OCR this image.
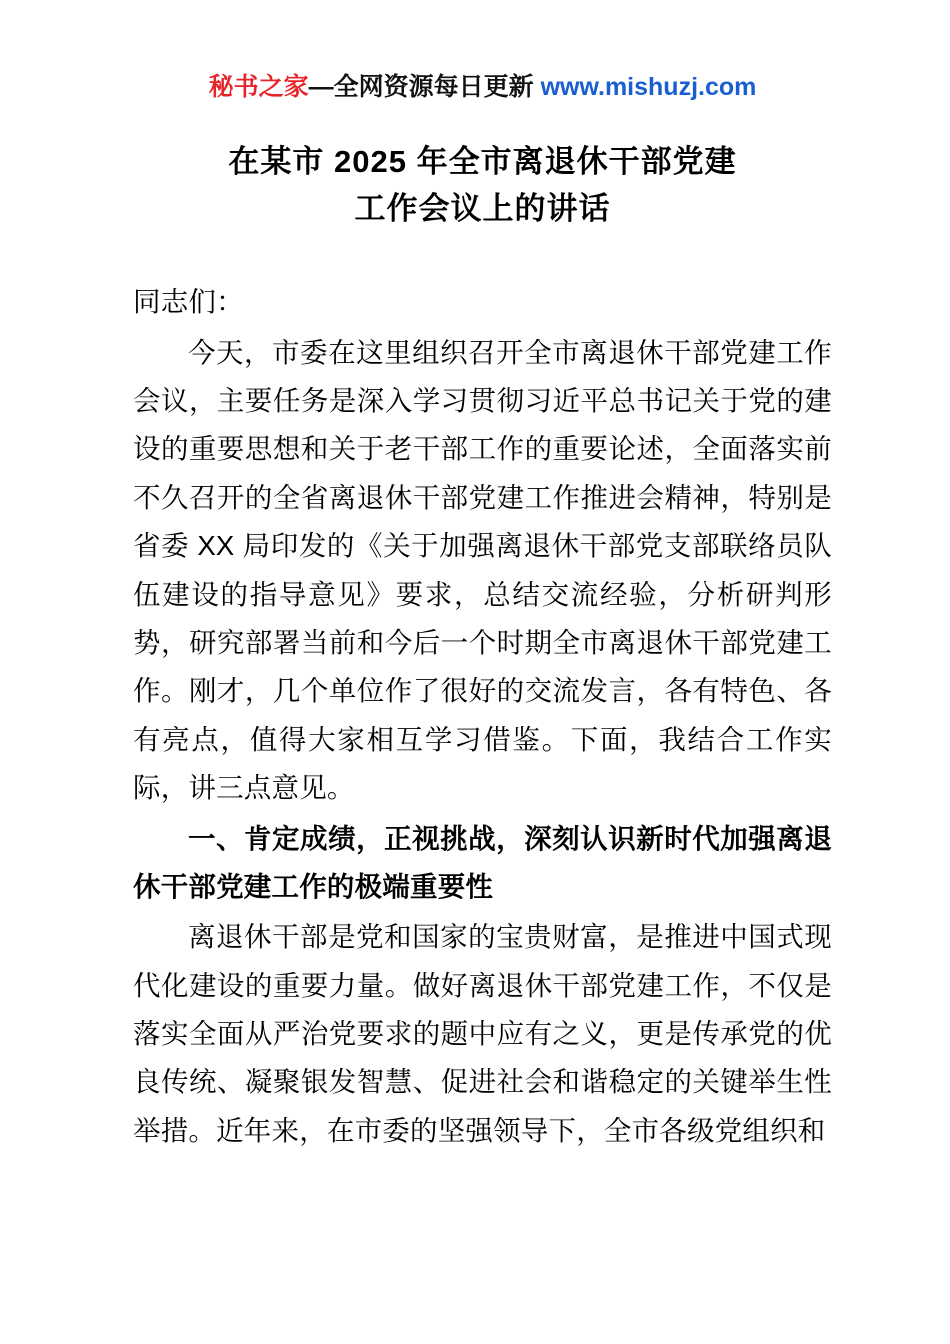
秘书之家—全网资源每日更新 www.mishuzj.com
在某市 2025 年全市离退休干部党建
工作会议上的讲话

同志们：

今天，市委在这里组织召开全市离退休干部党建工作会议，主要任务是深入学习贯彻习近平总书记关于党的建设的重要思想和关于老干部工作的重要论述，全面落实前不久召开的全省离退休干部党建工作推进会精神，特别是省委 XX 局印发的《关于加强离退休干部党支部联络员队伍建设的指导意见》要求，总结交流经验，分析研判形势，研究部署当前和今后一个时期全市离退休干部党建工作。刚才，几个单位作了很好的交流发言，各有特色、各有亮点，值得大家相互学习借鉴。下面，我结合工作实际，讲三点意见。

一、肯定成绩，正视挑战，深刻认识新时代加强离退休干部党建工作的极端重要性

离退休干部是党和国家的宝贵财富，是推进中国式现代化建设的重要力量。做好离退休干部党建工作，不仅是落实全面从严治党要求的题中应有之义，更是传承党的优良传统、凝聚银发智慧、促进社会和谐稳定的关键举生性举措。近年来，在市委的坚强领导下，全市各级党组织和
